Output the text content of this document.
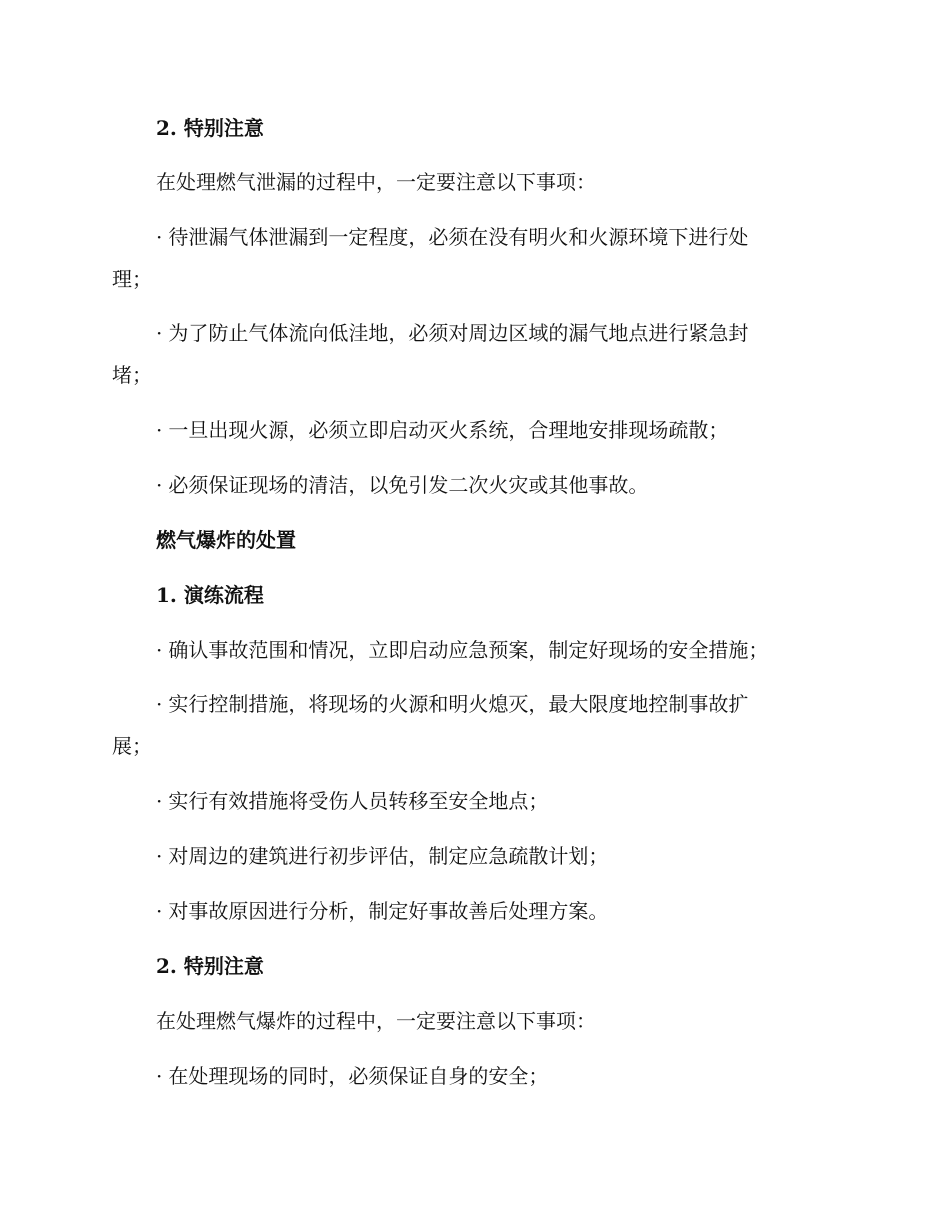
2. 特别注意
在处理燃气泄漏的过程中，一定要注意以下事项：
· 待泄漏气体泄漏到一定程度，必须在没有明火和火源环境下进行处
理；
· 为了防止气体流向低洼地，必须对周边区域的漏气地点进行紧急封
堵；
· 一旦出现火源，必须立即启动灭火系统，合理地安排现场疏散；
· 必须保证现场的清洁，以免引发二次火灾或其他事故。
燃气爆炸的处置
1. 演练流程
· 确认事故范围和情况，立即启动应急预案，制定好现场的安全措施；
· 实行控制措施，将现场的火源和明火熄灭，最大限度地控制事故扩
展；
· 实行有效措施将受伤人员转移至安全地点；
· 对周边的建筑进行初步评估，制定应急疏散计划；
· 对事故原因进行分析，制定好事故善后处理方案。
2. 特别注意
在处理燃气爆炸的过程中，一定要注意以下事项：
· 在处理现场的同时，必须保证自身的安全；
